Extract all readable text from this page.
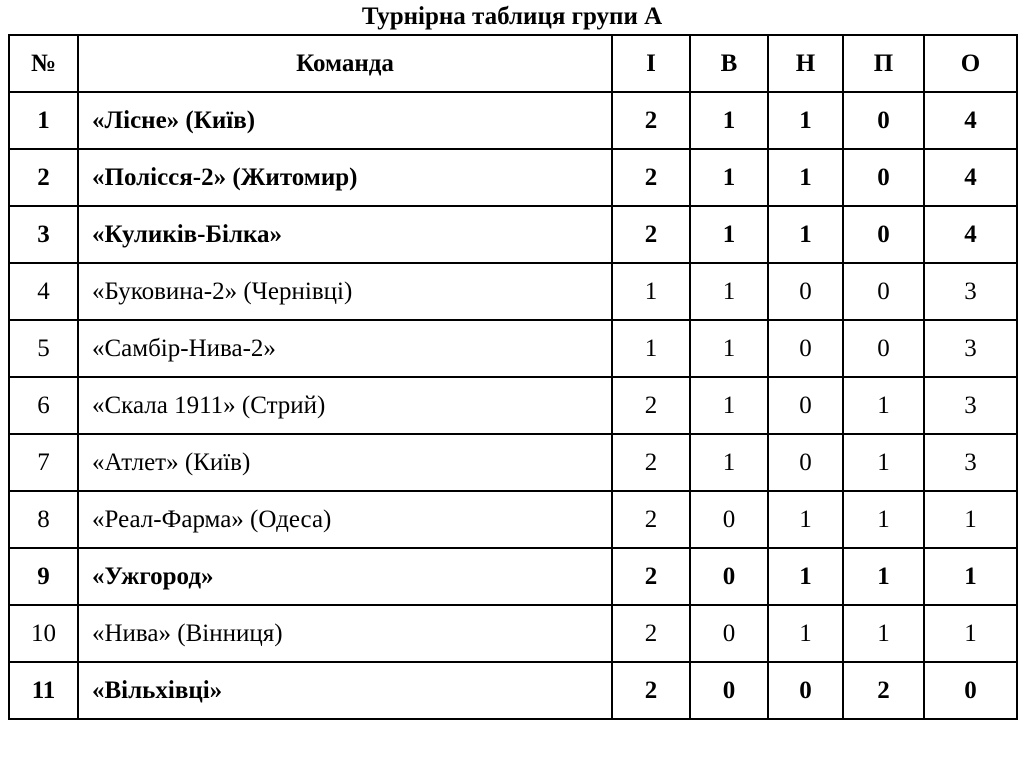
Турнірна таблиця групи А
№	Команда	І	В	Н	П	О
1	«Лісне» (Київ)	2	1	1	0	4
2	«Полісся-2» (Житомир)	2	1	1	0	4
3	«Куликів-Білка»	2	1	1	0	4
4	«Буковина-2» (Чернівці)	1	1	0	0	3
5	«Самбір-Нива-2»	1	1	0	0	3
6	«Скала 1911» (Стрий)	2	1	0	1	3
7	«Атлет» (Київ)	2	1	0	1	3
8	«Реал-Фарма» (Одеса)	2	0	1	1	1
9	«Ужгород»	2	0	1	1	1
10	«Нива» (Вінниця)	2	0	1	1	1
11	«Вільхівці»	2	0	0	2	0
